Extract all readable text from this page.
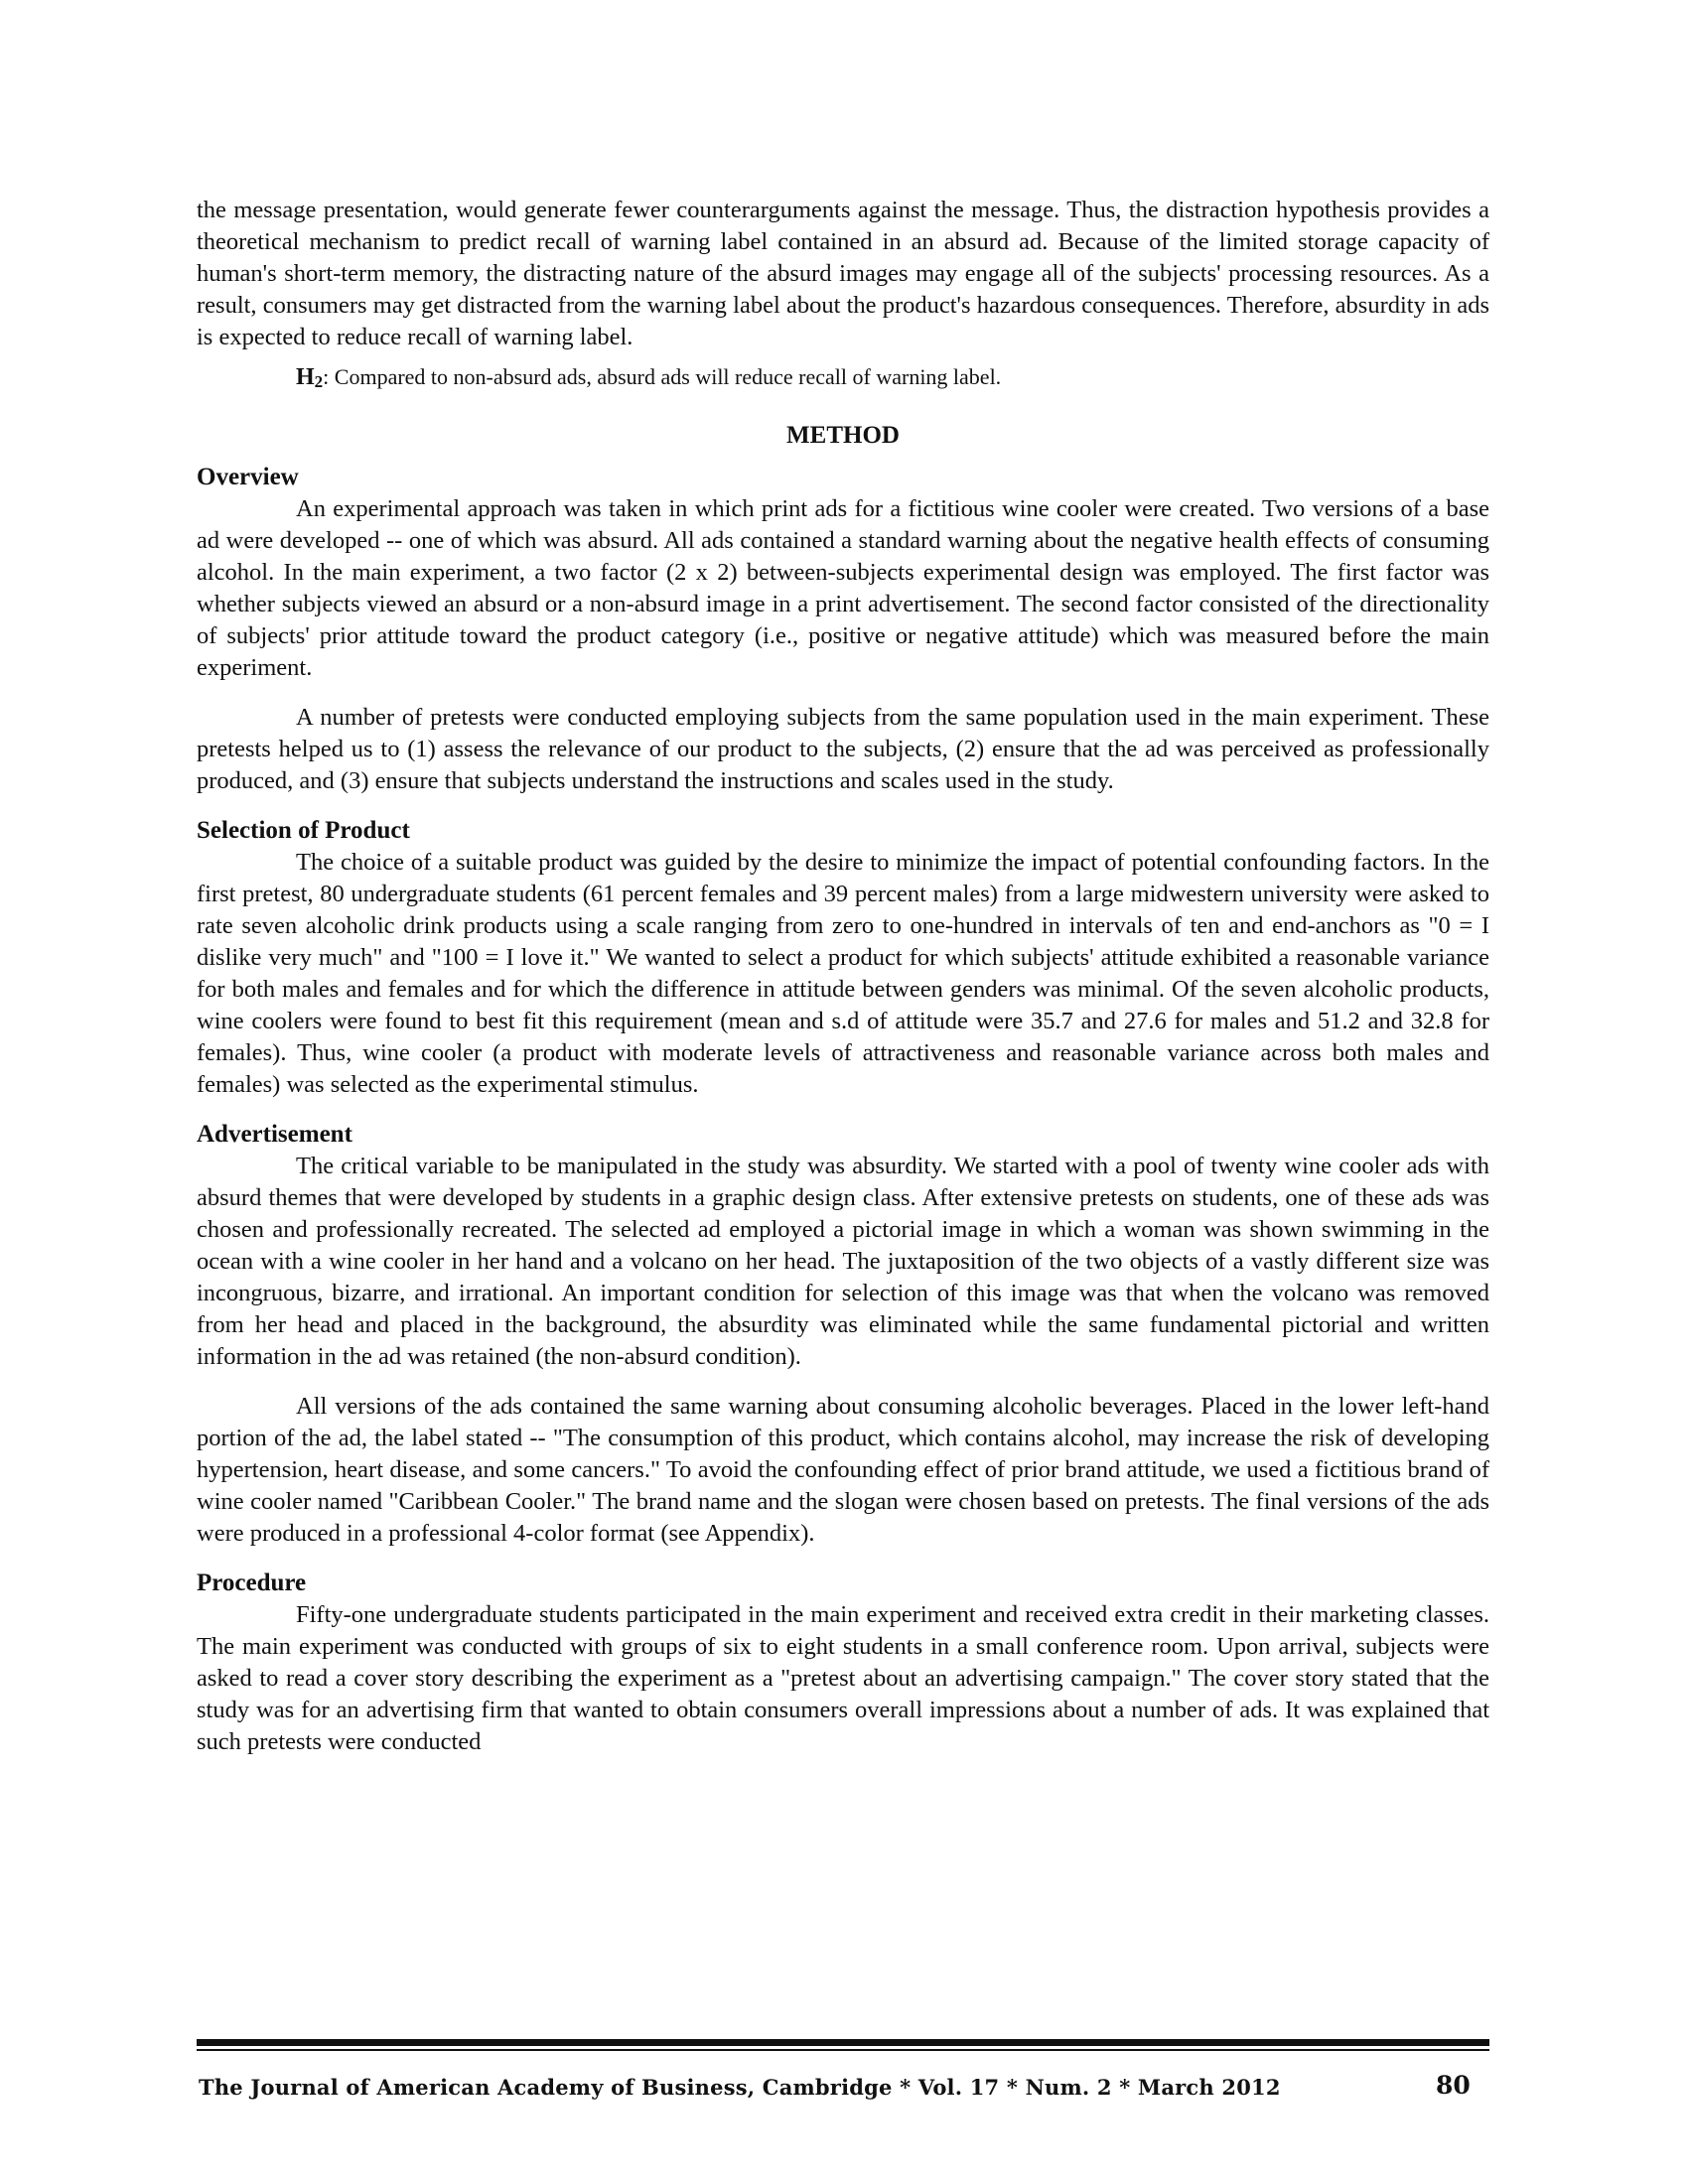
the message presentation, would generate fewer counterarguments against the message. Thus, the distraction hypothesis provides a theoretical mechanism to predict recall of warning label contained in an absurd ad. Because of the limited storage capacity of human's short-term memory, the distracting nature of the absurd images may engage all of the subjects' processing resources. As a result, consumers may get distracted from the warning label about the product's hazardous consequences. Therefore, absurdity in ads is expected to reduce recall of warning label.

$H_2$: Compared to non-absurd ads, absurd ads will reduce recall of warning label.

METHOD
Overview

An experimental approach was taken in which print ads for a fictitious wine cooler were created. Two versions of a base ad were developed -- one of which was absurd. All ads contained a standard warning about the negative health effects of consuming alcohol. In the main experiment, a two factor (2 x 2) between-subjects experimental design was employed. The first factor was whether subjects viewed an absurd or a non-absurd image in a print advertisement. The second factor consisted of the directionality of subjects' prior attitude toward the product category (i.e., positive or negative attitude) which was measured before the main experiment.

A number of pretests were conducted employing subjects from the same population used in the main experiment. These pretests helped us to (1) assess the relevance of our product to the subjects, (2) ensure that the ad was perceived as professionally produced, and (3) ensure that subjects understand the instructions and scales used in the study.

Selection of Product

The choice of a suitable product was guided by the desire to minimize the impact of potential confounding factors. In the first pretest, 80 undergraduate students (61 percent females and 39 percent males) from a large midwestern university were asked to rate seven alcoholic drink products using a scale ranging from zero to one-hundred in intervals of ten and end-anchors as "0 = I dislike very much" and "100 = I love it." We wanted to select a product for which subjects' attitude exhibited a reasonable variance for both males and females and for which the difference in attitude between genders was minimal. Of the seven alcoholic products, wine coolers were found to best fit this requirement (mean and s.d of attitude were 35.7 and 27.6 for males and 51.2 and 32.8 for females). Thus, wine cooler (a product with moderate levels of attractiveness and reasonable variance across both males and females) was selected as the experimental stimulus.

Advertisement

The critical variable to be manipulated in the study was absurdity. We started with a pool of twenty wine cooler ads with absurd themes that were developed by students in a graphic design class. After extensive pretests on students, one of these ads was chosen and professionally recreated. The selected ad employed a pictorial image in which a woman was shown swimming in the ocean with a wine cooler in her hand and a volcano on her head. The juxtaposition of the two objects of a vastly different size was incongruous, bizarre, and irrational. An important condition for selection of this image was that when the volcano was removed from her head and placed in the background, the absurdity was eliminated while the same fundamental pictorial and written information in the ad was retained (the non-absurd condition).

All versions of the ads contained the same warning about consuming alcoholic beverages. Placed in the lower left-hand portion of the ad, the label stated -- "The consumption of this product, which contains alcohol, may increase the risk of developing hypertension, heart disease, and some cancers." To avoid the confounding effect of prior brand attitude, we used a fictitious brand of wine cooler named "Caribbean Cooler." The brand name and the slogan were chosen based on pretests. The final versions of the ads were produced in a professional 4-color format (see Appendix).

Procedure

Fifty-one undergraduate students participated in the main experiment and received extra credit in their marketing classes. The main experiment was conducted with groups of six to eight students in a small conference room. Upon arrival, subjects were asked to read a cover story describing the experiment as a "pretest about an advertising campaign." The cover story stated that the study was for an advertising firm that wanted to obtain consumers overall impressions about a number of ads. It was explained that such pretests were conducted

The Journal of American Academy of Business, Cambridge * Vol. 17 * Num. 2 * March 2012	80
